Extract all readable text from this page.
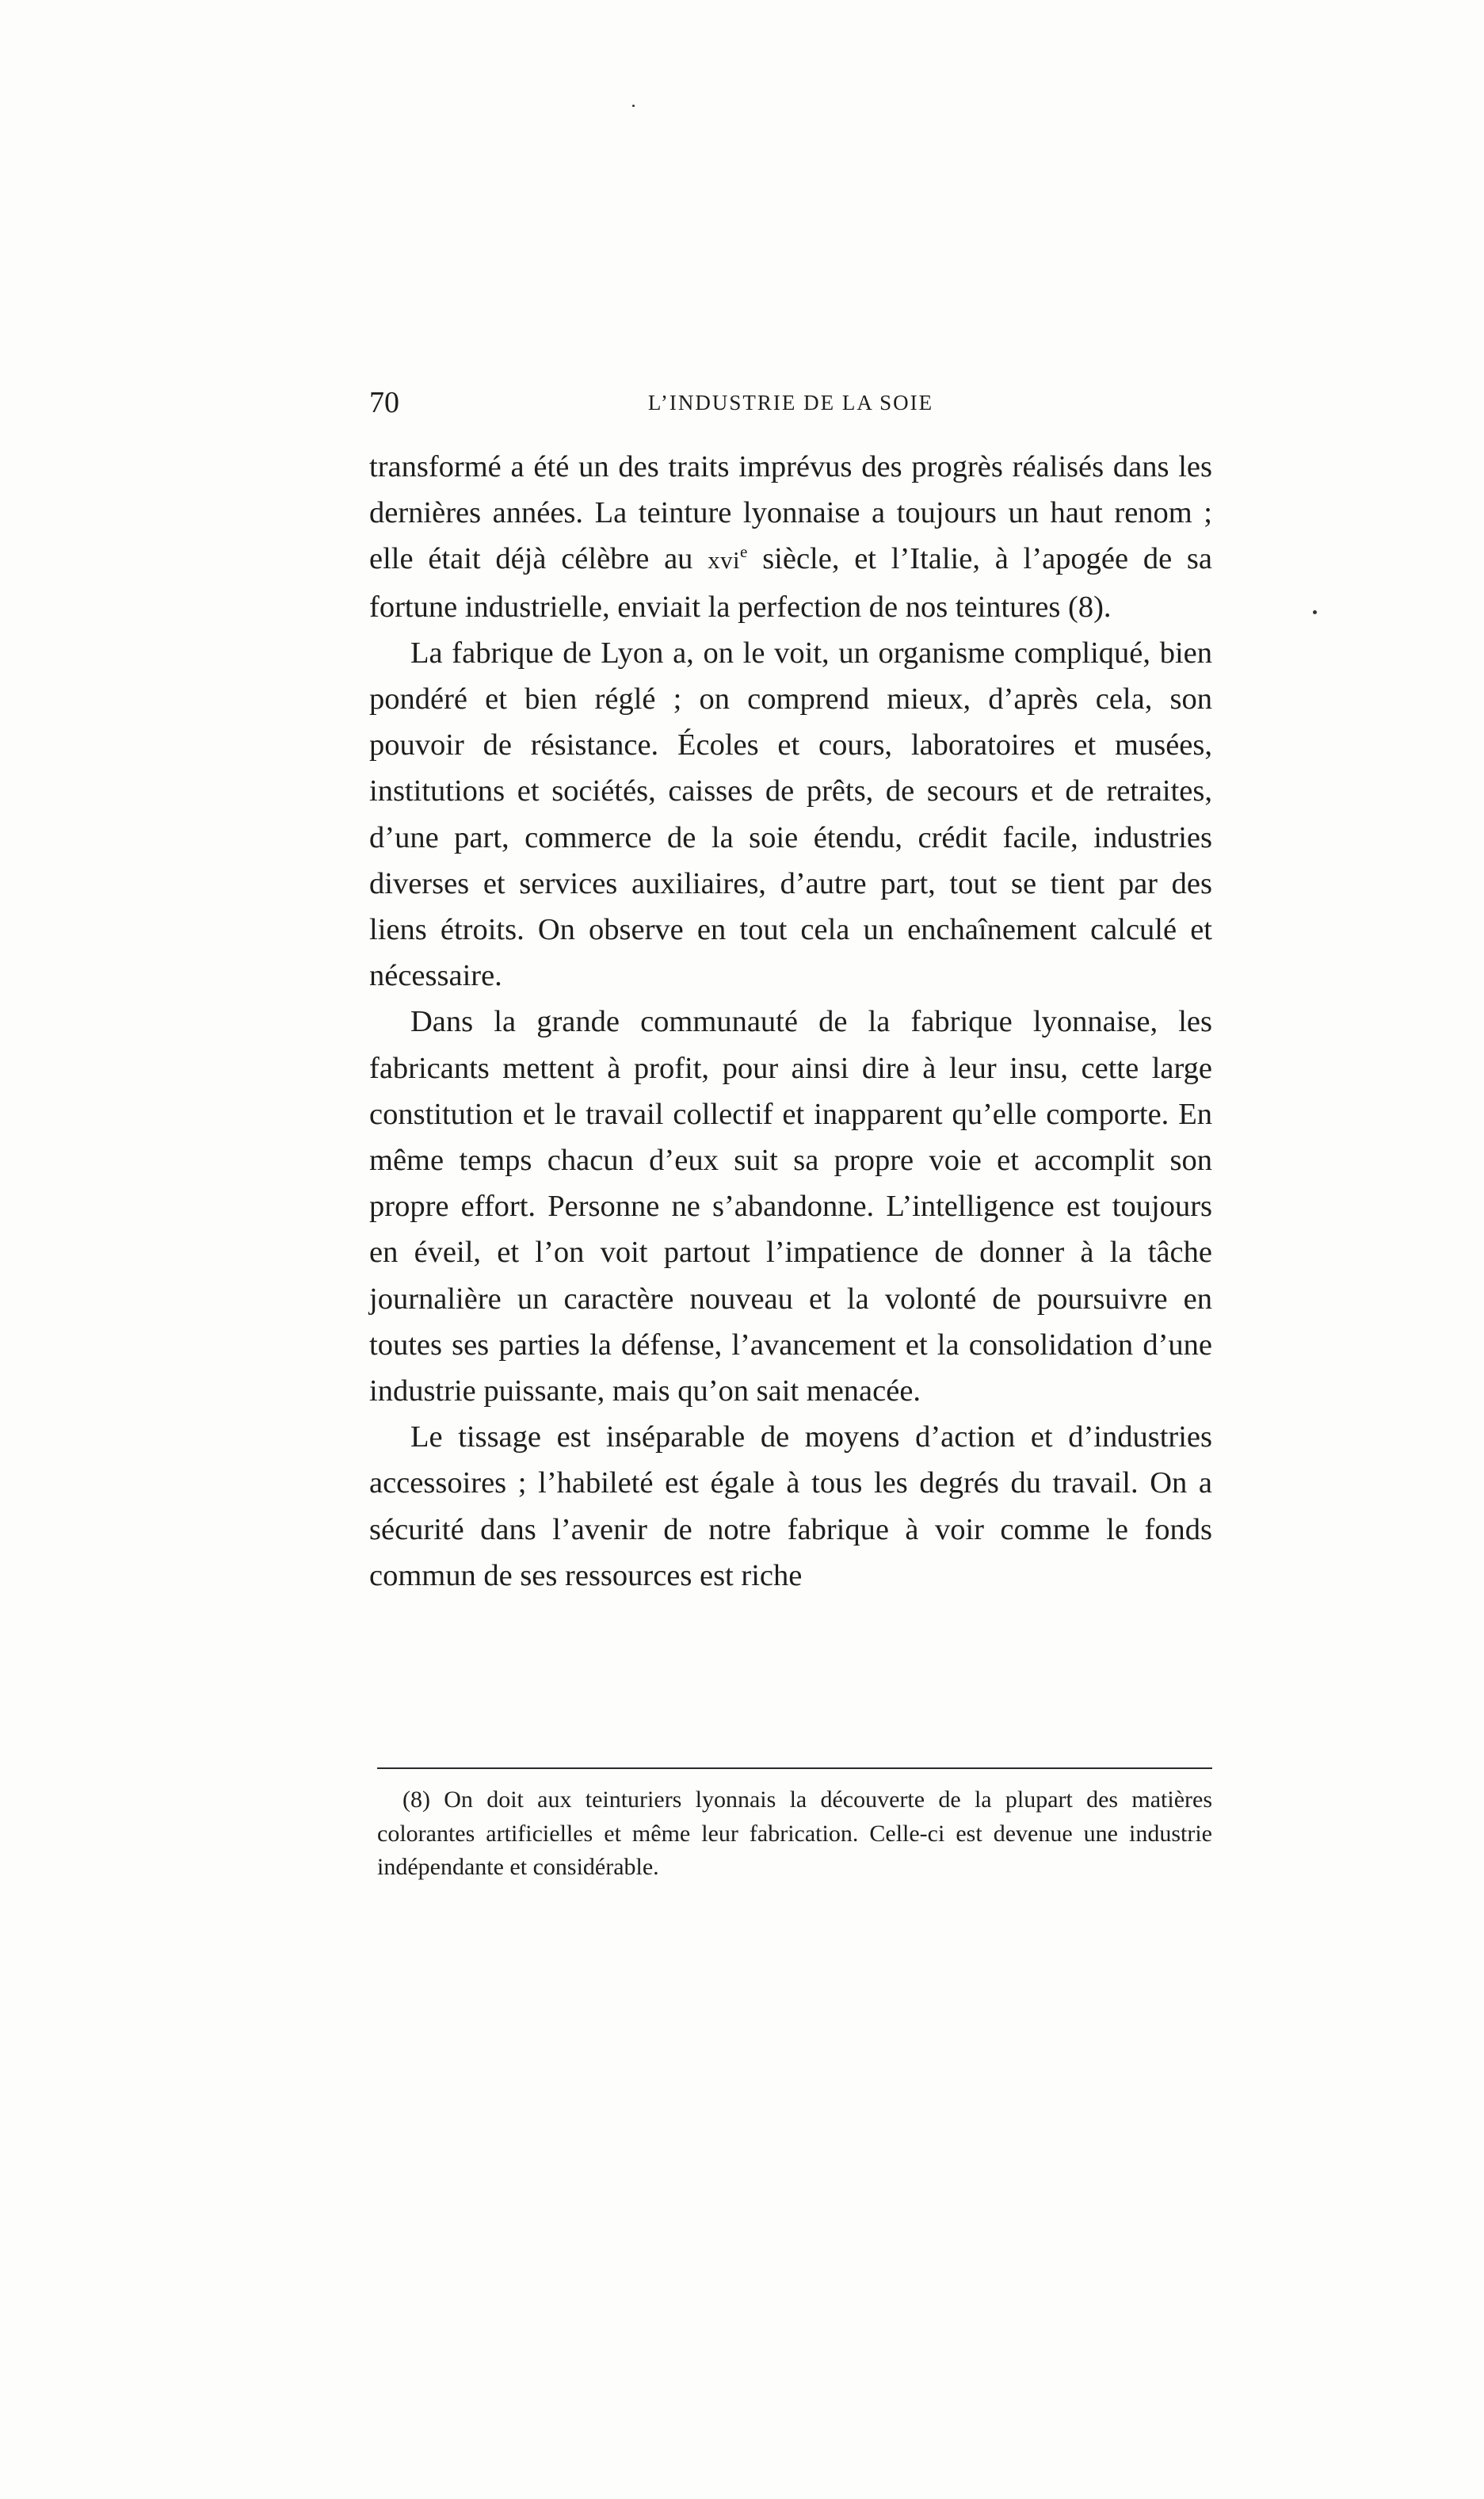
70	L’INDUSTRIE DE LA SOIE

transformé a été un des traits imprévus des progrès réalisés dans les dernières années. La teinture lyonnaise a toujours un haut renom ; elle était déjà célèbre au xvi$^e$ siècle, et l’Italie, à l’apogée de sa fortune industrielle, enviait la perfection de nos teintures (8).

La fabrique de Lyon a, on le voit, un organisme compliqué, bien pondéré et bien réglé ; on comprend mieux, d’après cela, son pouvoir de résistance. Écoles et cours, laboratoires et musées, institutions et sociétés, caisses de prêts, de secours et de retraites, d’une part, commerce de la soie étendu, crédit facile, industries diverses et services auxiliaires, d’autre part, tout se tient par des liens étroits. On observe en tout cela un enchaînement calculé et nécessaire.

Dans la grande communauté de la fabrique lyonnaise, les fabricants mettent à profit, pour ainsi dire à leur insu, cette large constitution et le travail collectif et inapparent qu’elle comporte. En même temps chacun d’eux suit sa propre voie et accomplit son propre effort. Personne ne s’abandonne. L’intelligence est toujours en éveil, et l’on voit partout l’impatience de donner à la tâche journalière un caractère nouveau et la volonté de poursuivre en toutes ses parties la défense, l’avancement et la consolidation d’une industrie puissante, mais qu’on sait menacée.

Le tissage est inséparable de moyens d’action et d’industries accessoires ; l’habileté est égale à tous les degrés du travail. On a sécurité dans l’avenir de notre fabrique à voir comme le fonds commun de ses ressources est riche

(8) On doit aux teinturiers lyonnais la découverte de la plupart des matières colorantes artificielles et même leur fabrication. Celle-ci est devenue une industrie indépendante et considérable.
